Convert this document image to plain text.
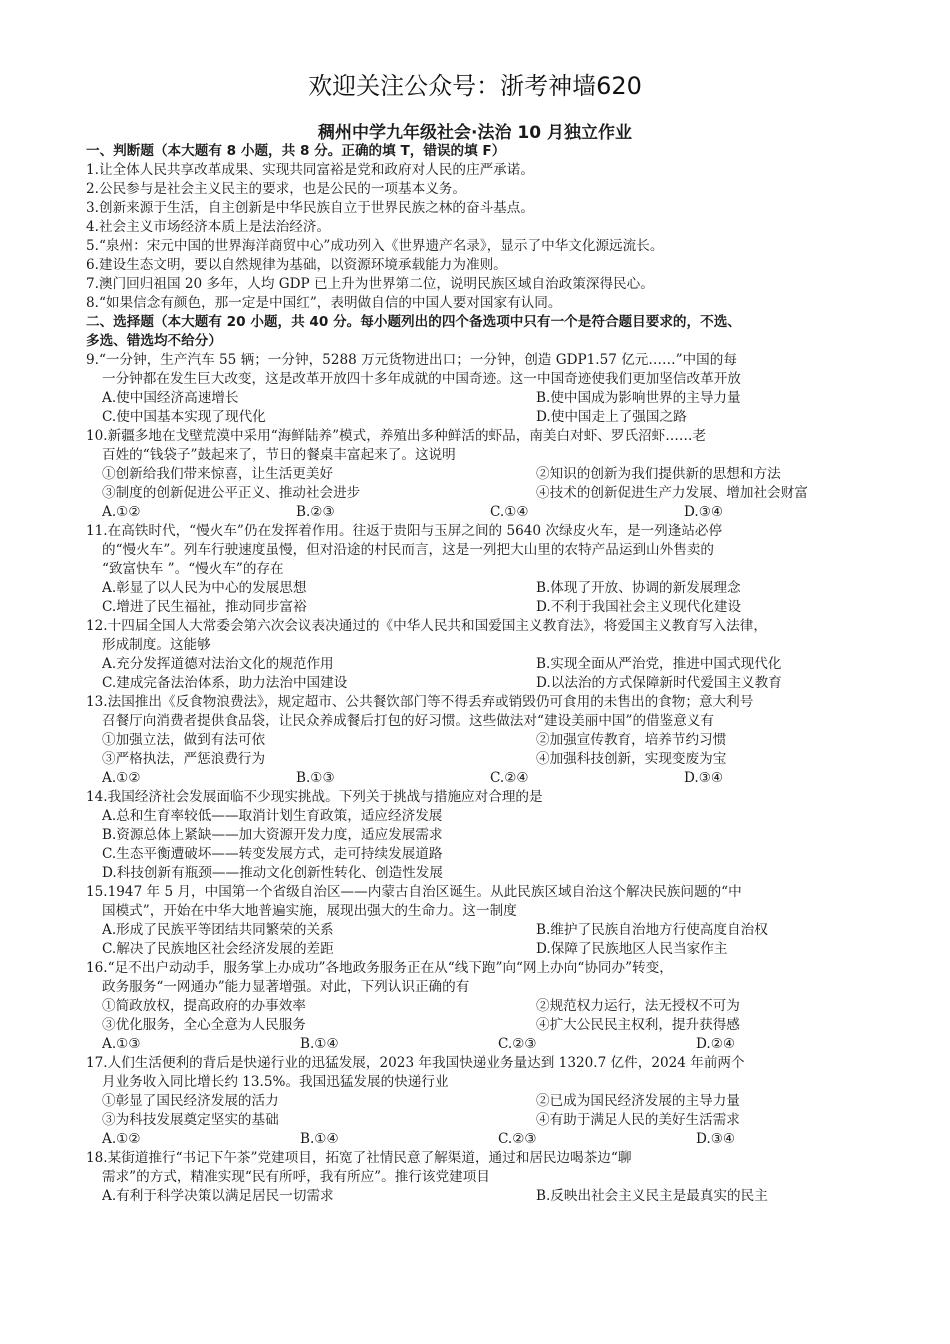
欢迎关注公众号：浙考神墙620
稠州中学九年级社会·法治 10 月独立作业
一、判断题（本大题有 8 小题，共 8 分。正确的填 T，错误的填 F）
1.让全体人民共享改革成果、实现共同富裕是党和政府对人民的庄严承诺。
2.公民参与是社会主义民主的要求，也是公民的一项基本义务。
3.创新来源于生活，自主创新是中华民族自立于世界民族之林的奋斗基点。
4.社会主义市场经济本质上是法治经济。
5.“泉州：宋元中国的世界海洋商贸中心”成功列入《世界遗产名录》，显示了中华文化源远流长。
6.建设生态文明，要以自然规律为基础，以资源环境承载能力为准则。
7.澳门回归祖国 20 多年，人均 GDP 已上升为世界第二位，说明民族区域自治政策深得民心。
8.“如果信念有颜色，那一定是中国红”，表明做自信的中国人要对国家有认同。
二、选择题（本大题有 20 小题，共 40 分。每小题列出的四个备选项中只有一个是符合题目要求的，不选、
多选、错选均不给分）
9.“一分钟，生产汽车 55 辆；一分钟，5288 万元货物进出口；一分钟，创造 GDP1.57 亿元……”中国的每
一分钟都在发生巨大改变，这是改革开放四十多年成就的中国奇迹。这一中国奇迹使我们更加坚信改革开放
A.使中国经济高速增长	B.使中国成为影响世界的主导力量
C.使中国基本实现了现代化	D.使中国走上了强国之路
10.新疆多地在戈壁荒漠中采用“海鲜陆养”模式，养殖出多种鲜活的虾品，南美白对虾、罗氏沼虾……老
百姓的“钱袋子”鼓起来了，节日的餐桌丰富起来了。这说明
①创新给我们带来惊喜，让生活更美好	②知识的创新为我们提供新的思想和方法
③制度的创新促进公平正义、推动社会进步	④技术的创新促进生产力发展、增加社会财富
A.①②	B.②③	C.①④	D.③④
11.在高铁时代，“慢火车”仍在发挥着作用。往返于贵阳与玉屏之间的 5640 次绿皮火车，是一列逢站必停
的“慢火车”。列车行驶速度虽慢，但对沿途的村民而言，这是一列把大山里的农特产品运到山外售卖的
“致富快车 ”。“慢火车”的存在
A.彰显了以人民为中心的发展思想	B.体现了开放、协调的新发展理念
C.增进了民生福祉，推动同步富裕	D.不利于我国社会主义现代化建设
12.十四届全国人大常委会第六次会议表决通过的《中华人民共和国爱国主义教育法》，将爱国主义教育写入法律，
形成制度。这能够
A.充分发挥道德对法治文化的规范作用	B.实现全面从严治党，推进中国式现代化
C.建成完备法治体系，助力法治中国建设	D.以法治的方式保障新时代爱国主义教育
13.法国推出《反食物浪费法》，规定超市、公共餐饮部门等不得丢弃或销毁仍可食用的未售出的食物；意大利号
召餐厅向消费者提供食品袋，让民众养成餐后打包的好习惯。这些做法对“建设美丽中国”的借鉴意义有
①加强立法，做到有法可依	②加强宣传教育，培养节约习惯
③严格执法，严惩浪费行为	④加强科技创新，实现变废为宝
A.①②	B.①③	C.②④	D.③④
14.我国经济社会发展面临不少现实挑战。下列关于挑战与措施应对合理的是
A.总和生育率较低——取消计划生育政策，适应经济发展
B.资源总体上紧缺——加大资源开发力度，适应发展需求
C.生态平衡遭破坏——转变发展方式，走可持续发展道路
D.科技创新有瓶颈——推动文化创新性转化、创造性发展
15.1947 年 5 月，中国第一个省级自治区——内蒙古自治区诞生。从此民族区域自治这个解决民族问题的“中
国模式”，开始在中华大地普遍实施，展现出强大的生命力。这一制度
A.形成了民族平等团结共同繁荣的关系	B.维护了民族自治地方行使高度自治权
C.解决了民族地区社会经济发展的差距	D.保障了民族地区人民当家作主
16.“足不出户动动手，服务掌上办成功”各地政务服务正在从“线下跑”向“网上办向“协同办”转变，
政务服务“一网通办”能力显著增强。对此，下列认识正确的有
①简政放权，提高政府的办事效率	②规范权力运行，法无授权不可为
③优化服务，全心全意为人民服务	④扩大公民民主权利，提升获得感
A.①③	B.①④	C.②③	D.②④
17.人们生活便利的背后是快递行业的迅猛发展，2023 年我国快递业务量达到 1320.7 亿件，2024 年前两个
月业务收入同比增长约 13.5%。我国迅猛发展的快递行业
①彰显了国民经济发展的活力	②已成为国民经济发展的主导力量
③为科技发展奠定坚实的基础	④有助于满足人民的美好生活需求
A.①②	B.①④	C.②③	D.③④
18.某街道推行“书记下午茶”党建项目，拓宽了社情民意了解渠道，通过和居民边喝茶边“聊
需求”的方式，精准实现“民有所呼，我有所应”。推行该党建项目
A.有利于科学决策以满足居民一切需求	B.反映出社会主义民主是最真实的民主
